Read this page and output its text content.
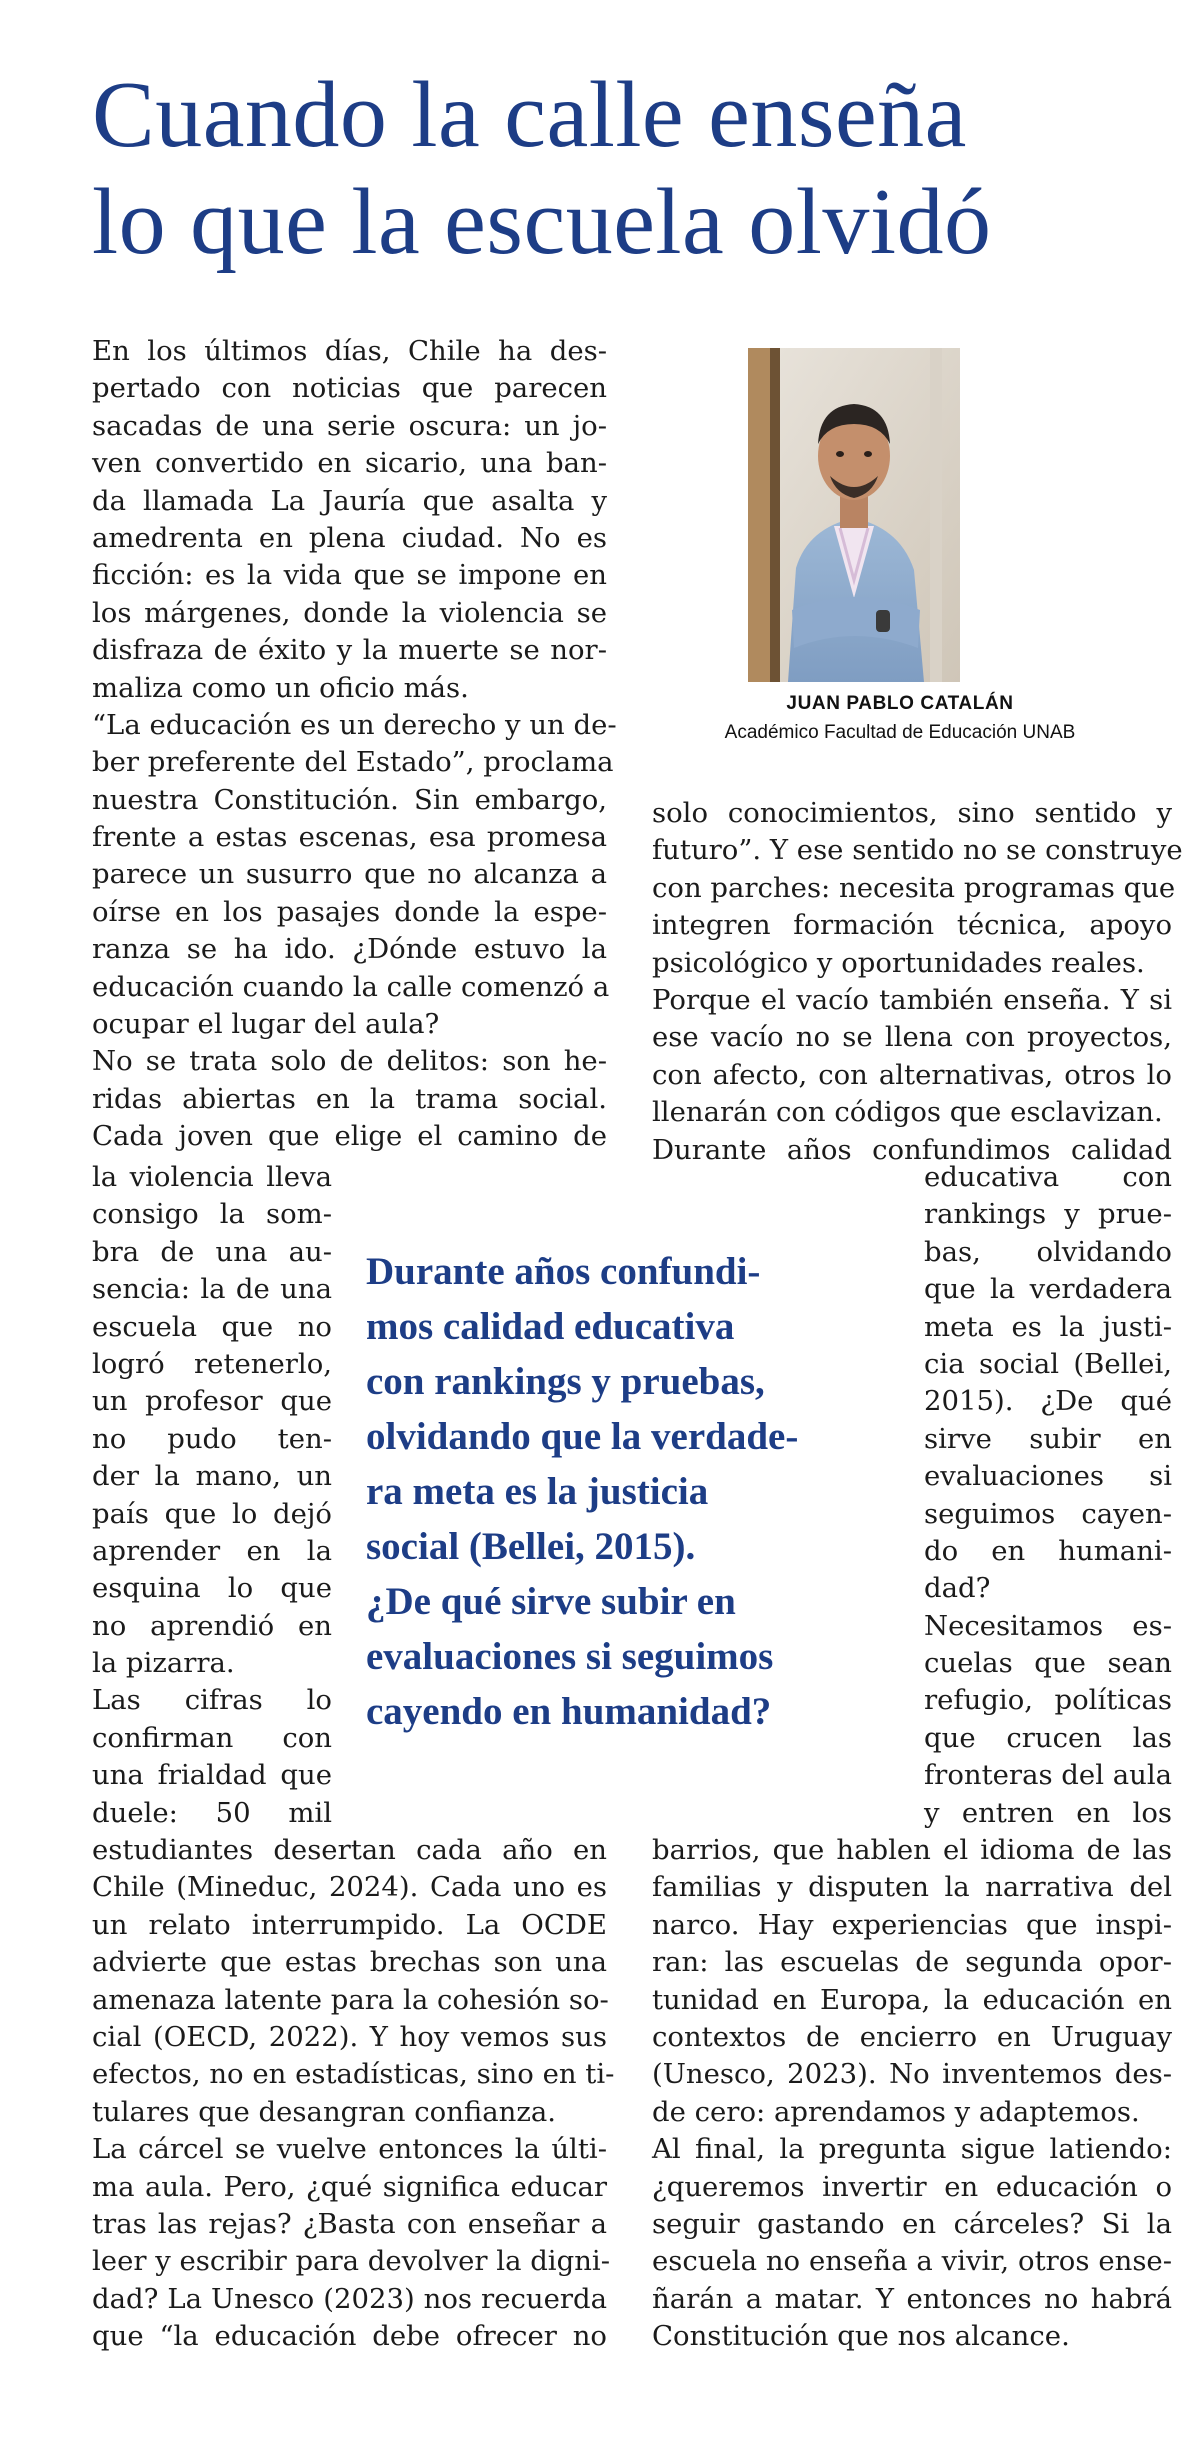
Cuando la calle enseña
lo que la escuela olvidó
En los últimos días, Chile ha des-
pertado con noticias que parecen
sacadas de una serie oscura: un jo-
ven convertido en sicario, una ban-
da llamada La Jauría que asalta y
amedrenta en plena ciudad. No es
ficción: es la vida que se impone en
los márgenes, donde la violencia se
disfraza de éxito y la muerte se nor-
maliza como un oficio más.
“La educación es un derecho y un de-
ber preferente del Estado”, proclama
nuestra Constitución. Sin embargo,
frente a estas escenas, esa promesa
parece un susurro que no alcanza a
oírse en los pasajes donde la espe-
ranza se ha ido. ¿Dónde estuvo la
educación cuando la calle comenzó a
ocupar el lugar del aula?
No se trata solo de delitos: son he-
ridas abiertas en la trama social.
Cada joven que elige el camino de
la violencia lleva
consigo la som-
bra de una au-
sencia: la de una
escuela que no
logró retenerlo,
un profesor que
no pudo ten-
der la mano, un
país que lo dejó
aprender en la
esquina lo que
no aprendió en
la pizarra.
Las cifras lo
confirman con
una frialdad que
duele: 50 mil
estudiantes desertan cada año en
Chile (Mineduc, 2024). Cada uno es
un relato interrumpido. La OCDE
advierte que estas brechas son una
amenaza latente para la cohesión so-
cial (OECD, 2022). Y hoy vemos sus
efectos, no en estadísticas, sino en ti-
tulares que desangran confianza.
La cárcel se vuelve entonces la últi-
ma aula. Pero, ¿qué significa educar
tras las rejas? ¿Basta con enseñar a
leer y escribir para devolver la digni-
dad? La Unesco (2023) nos recuerda
que “la educación debe ofrecer no
JUAN PABLO CATALÁN
Académico Facultad de Educación UNAB
solo conocimientos, sino sentido y
futuro”. Y ese sentido no se construye
con parches: necesita programas que
integren formación técnica, apoyo
psicológico y oportunidades reales.
Porque el vacío también enseña. Y si
ese vacío no se llena con proyectos,
con afecto, con alternativas, otros lo
llenarán con códigos que esclavizan.
Durante años confundimos calidad
educativa con
rankings y prue-
bas, olvidando
que la verdadera
meta es la justi-
cia social (Bellei,
2015). ¿De qué
sirve subir en
evaluaciones si
seguimos cayen-
do en humani-
dad?
Necesitamos es-
cuelas que sean
refugio, políticas
que crucen las
fronteras del aula
y entren en los
barrios, que hablen el idioma de las
familias y disputen la narrativa del
narco. Hay experiencias que inspi-
ran: las escuelas de segunda opor-
tunidad en Europa, la educación en
contextos de encierro en Uruguay
(Unesco, 2023). No inventemos des-
de cero: aprendamos y adaptemos.
Al final, la pregunta sigue latiendo:
¿queremos invertir en educación o
seguir gastando en cárceles? Si la
escuela no enseña a vivir, otros ense-
ñarán a matar. Y entonces no habrá
Constitución que nos alcance.
Durante años confundi-
mos calidad educativa
con rankings y pruebas,
olvidando que la verdade-
ra meta es la justicia
social (Bellei, 2015).
¿De qué sirve subir en
evaluaciones si seguimos
cayendo en humanidad?
